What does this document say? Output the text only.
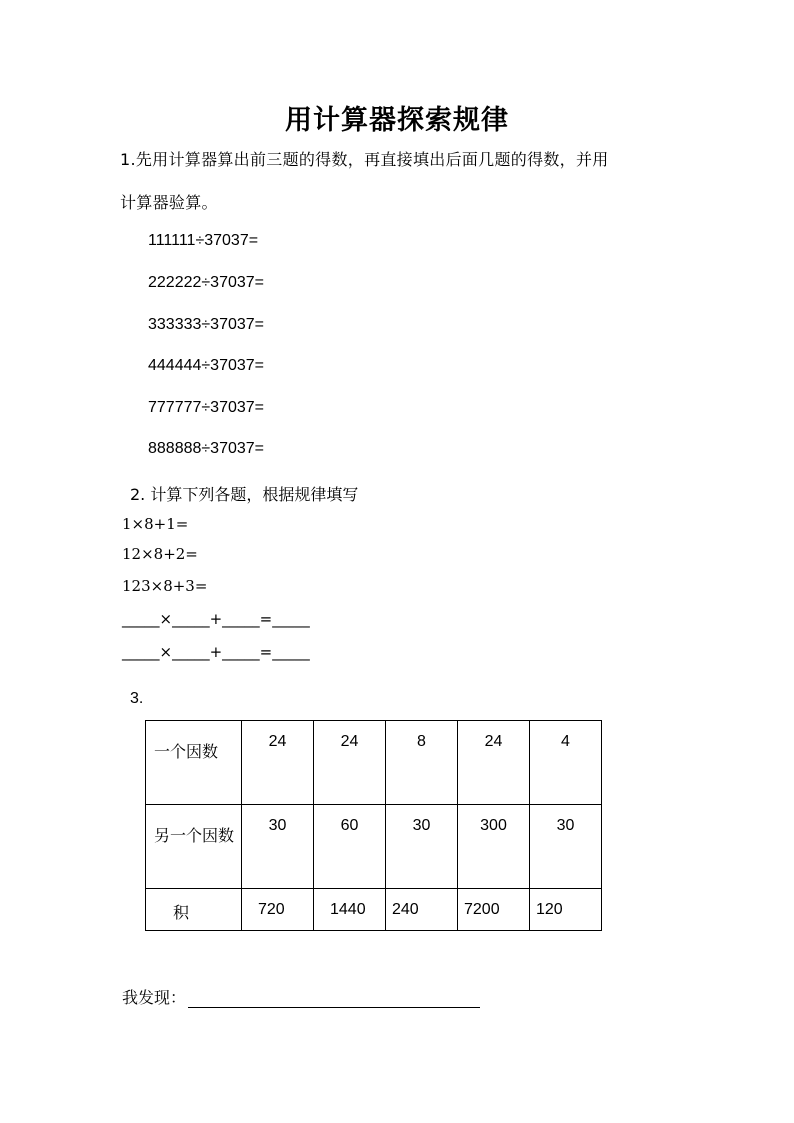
用计算器探索规律
1.先用计算器算出前三题的得数，再直接填出后面几题的得数，并用
计算器验算。
111111÷37037=
222222÷37037=
333333÷37037=
444444÷37037=
777777÷37037=
888888÷37037=
2. 计算下列各题，根据规律填写
1×8+1=
12×8+2=
123×8+3=
_____×_____+_____=_____
_____×_____+_____=_____
3.
一个因数	24	24	8	24	4
另一个因数	30	60	30	300	30
积	720	1440	240	7200	120
我发现：
